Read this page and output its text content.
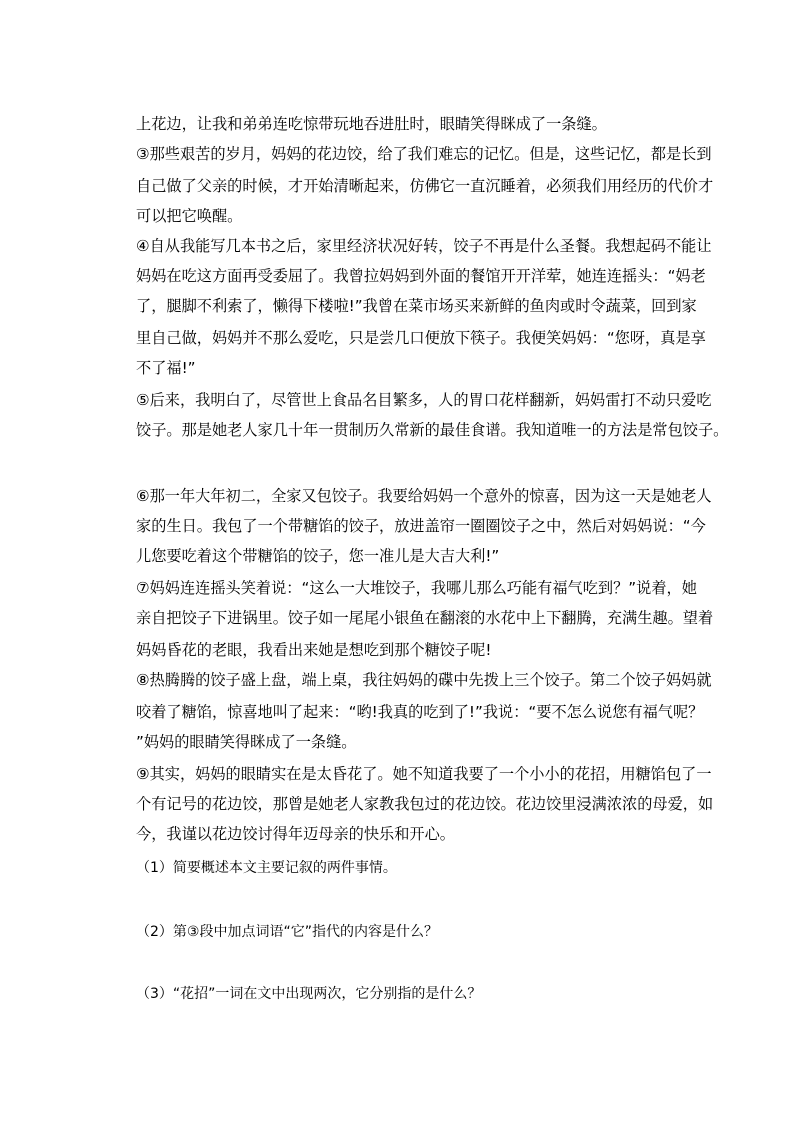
上花边，让我和弟弟连吃惊带玩地吞进肚时，眼睛笑得眯成了一条缝。
③那些艰苦的岁月，妈妈的花边饺，给了我们难忘的记忆。但是，这些记忆，都是长到
自己做了父亲的时候，才开始清晰起来，仿佛它一直沉睡着，必须我们用经历的代价才
可以把它唤醒。
④自从我能写几本书之后，家里经济状况好转，饺子不再是什么圣餐。我想起码不能让
妈妈在吃这方面再受委屈了。我曾拉妈妈到外面的餐馆开开洋荤，她连连摇头：“妈老
了，腿脚不利索了，懒得下楼啦!”我曾在菜市场买来新鲜的鱼肉或时令蔬菜，回到家
里自己做，妈妈并不那么爱吃，只是尝几口便放下筷子。我便笑妈妈：“您呀，真是享
不了福!”
⑤后来，我明白了，尽管世上食品名目繁多，人的胃口花样翻新，妈妈雷打不动只爱吃
饺子。那是她老人家几十年一贯制历久常新的最佳食谱。我知道唯一的方法是常包饺子。
⑥那一年大年初二，全家又包饺子。我要给妈妈一个意外的惊喜，因为这一天是她老人
家的生日。我包了一个带糖馅的饺子，放进盖帘一圈圈饺子之中，然后对妈妈说：“今
儿您要吃着这个带糖馅的饺子，您一准儿是大吉大利!”
⑦妈妈连连摇头笑着说：“这么一大堆饺子，我哪儿那么巧能有福气吃到？”说着，她
亲自把饺子下进锅里。饺子如一尾尾小银鱼在翻滚的水花中上下翻腾，充满生趣。望着
妈妈昏花的老眼，我看出来她是想吃到那个糖饺子呢!
⑧热腾腾的饺子盛上盘，端上桌，我往妈妈的碟中先拨上三个饺子。第二个饺子妈妈就
咬着了糖馅，惊喜地叫了起来：“哟!我真的吃到了!”我说：“要不怎么说您有福气呢？
”妈妈的眼睛笑得眯成了一条缝。
⑨其实，妈妈的眼睛实在是太昏花了。她不知道我要了一个小小的花招，用糖馅包了一
个有记号的花边饺，那曾是她老人家教我包过的花边饺。花边饺里浸满浓浓的母爱，如
今，我谨以花边饺讨得年迈母亲的快乐和开心。
（1）简要概述本文主要记叙的两件事情。
（2）第③段中加点词语“它”指代的内容是什么？
（3）“花招”一词在文中出现两次，它分别指的是什么？
